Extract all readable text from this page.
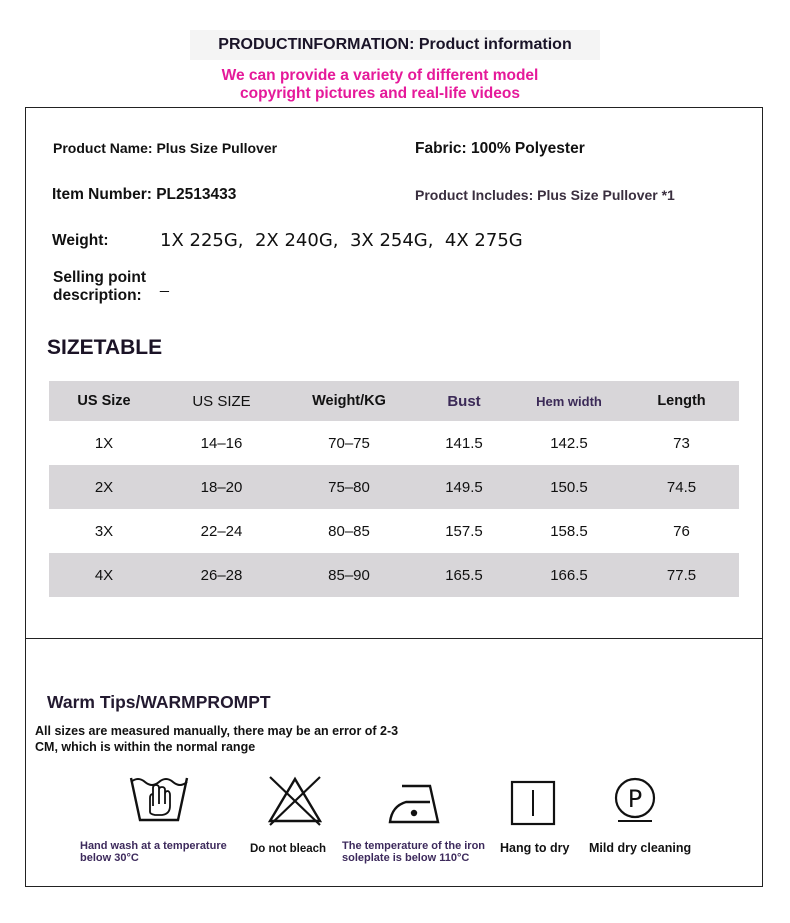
PRODUCTINFORMATION: Product information
We can provide a variety of different model
copyright pictures and real-life videos
Product Name: Plus Size Pullover	Fabric: 100% Polyester
Item Number: PL2513433	Product Includes: Plus Size Pullover *1
Weight:	1X 225G,  2X 240G,  3X 254G,  4X 275G
Selling point
description:
_
SIZETABLE
US Size	US SIZE	Weight/KG	Bust	Hem width	Length
1X	14–16	70–75	141.5	142.5	73
2X	18–20	75–80	149.5	150.5	74.5
3X	22–24	80–85	157.5	158.5	76
4X	26–28	85–90	165.5	166.5	77.5
Warm Tips/WARMPROMPT
All sizes are measured manually, there may be an error of 2-3
CM, which is within the normal range
P
Hand wash at a temperature
below 30°C
Do not bleach The temperature of the iron
soleplate is below 110°C
Hang to dry Mild dry cleaning
